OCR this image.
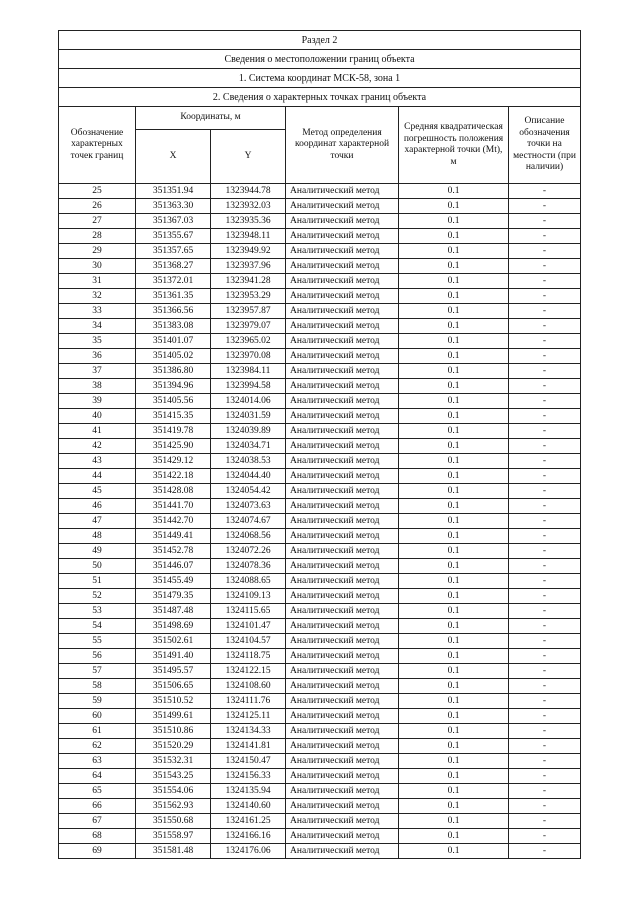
Раздел 2					
Сведения о местоположении границ объекта					
1. Система координат МСК-58, зона 1					
2. Сведения о характерных точках границ объекта					
Обозначение характерных точек границ	Координаты, м		Метод определения координат характерной точки	Средняя квадратическая погрешность положения характерной точки (Mt), м	Описание обозначения точки на местности (при наличии)
	X	Y			
25	351351.94	1323944.78	Аналитический метод	0.1	-
26	351363.30	1323932.03	Аналитический метод	0.1	-
27	351367.03	1323935.36	Аналитический метод	0.1	-
28	351355.67	1323948.11	Аналитический метод	0.1	-
29	351357.65	1323949.92	Аналитический метод	0.1	-
30	351368.27	1323937.96	Аналитический метод	0.1	-
31	351372.01	1323941.28	Аналитический метод	0.1	-
32	351361.35	1323953.29	Аналитический метод	0.1	-
33	351366.56	1323957.87	Аналитический метод	0.1	-
34	351383.08	1323979.07	Аналитический метод	0.1	-
35	351401.07	1323965.02	Аналитический метод	0.1	-
36	351405.02	1323970.08	Аналитический метод	0.1	-
37	351386.80	1323984.11	Аналитический метод	0.1	-
38	351394.96	1323994.58	Аналитический метод	0.1	-
39	351405.56	1324014.06	Аналитический метод	0.1	-
40	351415.35	1324031.59	Аналитический метод	0.1	-
41	351419.78	1324039.89	Аналитический метод	0.1	-
42	351425.90	1324034.71	Аналитический метод	0.1	-
43	351429.12	1324038.53	Аналитический метод	0.1	-
44	351422.18	1324044.40	Аналитический метод	0.1	-
45	351428.08	1324054.42	Аналитический метод	0.1	-
46	351441.70	1324073.63	Аналитический метод	0.1	-
47	351442.70	1324074.67	Аналитический метод	0.1	-
48	351449.41	1324068.56	Аналитический метод	0.1	-
49	351452.78	1324072.26	Аналитический метод	0.1	-
50	351446.07	1324078.36	Аналитический метод	0.1	-
51	351455.49	1324088.65	Аналитический метод	0.1	-
52	351479.35	1324109.13	Аналитический метод	0.1	-
53	351487.48	1324115.65	Аналитический метод	0.1	-
54	351498.69	1324101.47	Аналитический метод	0.1	-
55	351502.61	1324104.57	Аналитический метод	0.1	-
56	351491.40	1324118.75	Аналитический метод	0.1	-
57	351495.57	1324122.15	Аналитический метод	0.1	-
58	351506.65	1324108.60	Аналитический метод	0.1	-
59	351510.52	1324111.76	Аналитический метод	0.1	-
60	351499.61	1324125.11	Аналитический метод	0.1	-
61	351510.86	1324134.33	Аналитический метод	0.1	-
62	351520.29	1324141.81	Аналитический метод	0.1	-
63	351532.31	1324150.47	Аналитический метод	0.1	-
64	351543.25	1324156.33	Аналитический метод	0.1	-
65	351554.06	1324135.94	Аналитический метод	0.1	-
66	351562.93	1324140.60	Аналитический метод	0.1	-
67	351550.68	1324161.25	Аналитический метод	0.1	-
68	351558.97	1324166.16	Аналитический метод	0.1	-
69	351581.48	1324176.06	Аналитический метод	0.1	-
